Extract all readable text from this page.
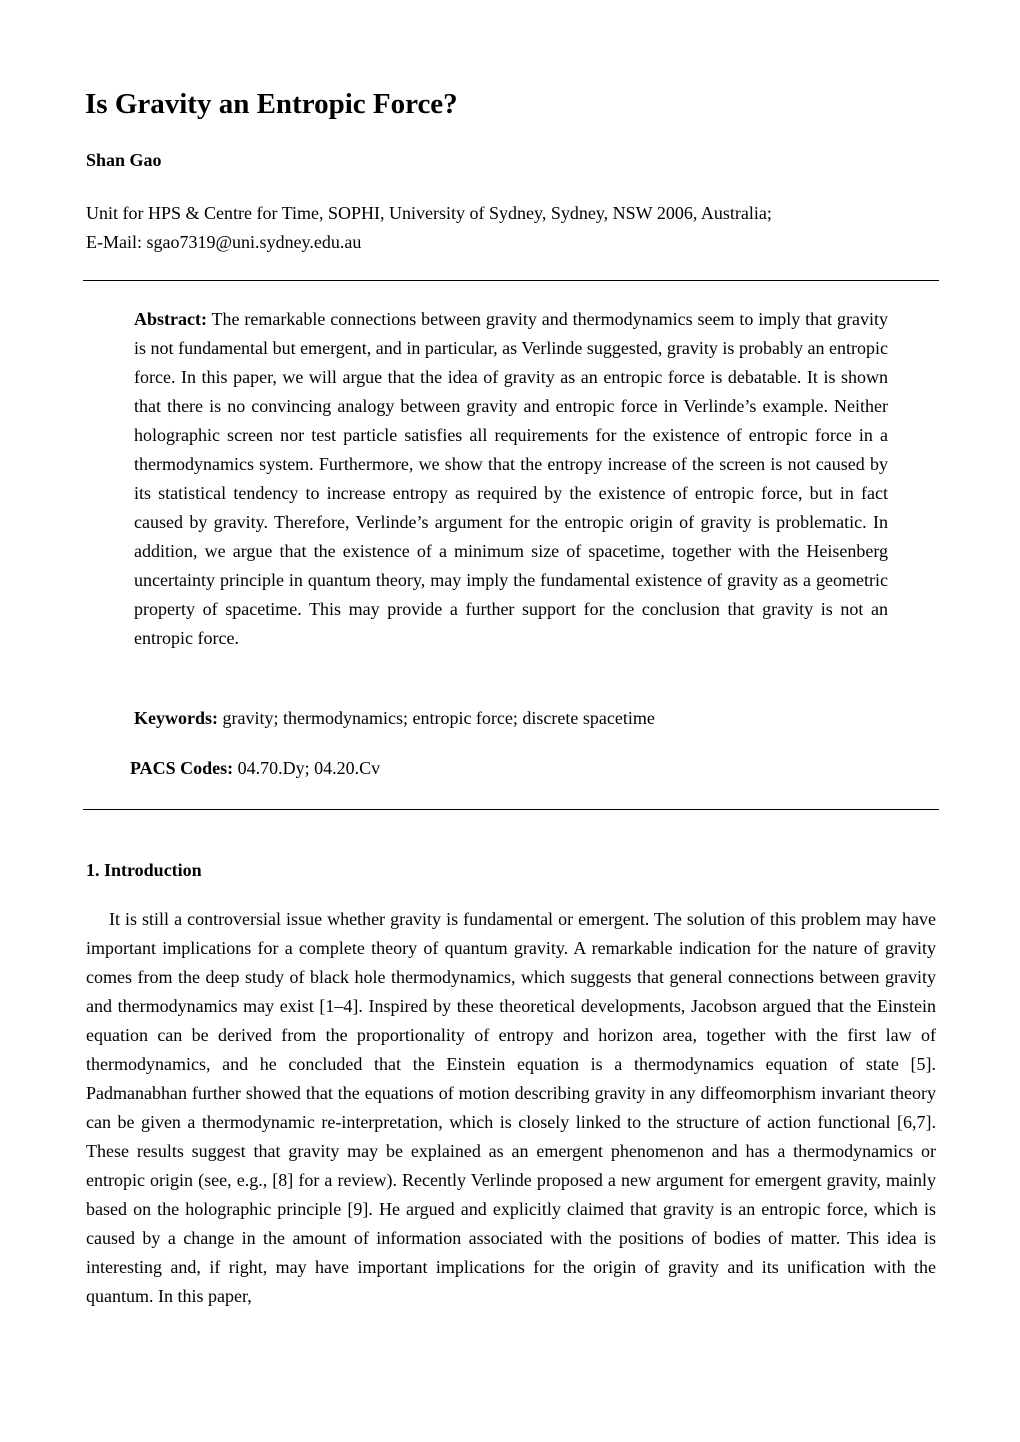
Is Gravity an Entropic Force?
Shan Gao
Unit for HPS & Centre for Time, SOPHI, University of Sydney, Sydney, NSW 2006, Australia;
E-Mail: sgao7319@uni.sydney.edu.au

Abstract: The remarkable connections between gravity and thermodynamics seem to imply that gravity is not fundamental but emergent, and in particular, as Verlinde suggested, gravity is probably an entropic force. In this paper, we will argue that the idea of gravity as an entropic force is debatable. It is shown that there is no convincing analogy between gravity and entropic force in Verlinde’s example. Neither holographic screen nor test particle satisfies all requirements for the existence of entropic force in a thermodynamics system. Furthermore, we show that the entropy increase of the screen is not caused by its statistical tendency to increase entropy as required by the existence of entropic force, but in fact caused by gravity. Therefore, Verlinde’s argument for the entropic origin of gravity is problematic. In addition, we argue that the existence of a minimum size of spacetime, together with the Heisenberg uncertainty principle in quantum theory, may imply the fundamental existence of gravity as a geometric property of spacetime. This may provide a further support for the conclusion that gravity is not an entropic force.

Keywords: gravity; thermodynamics; entropic force; discrete spacetime
PACS Codes: 04.70.Dy; 04.20.Cv
1. Introduction

It is still a controversial issue whether gravity is fundamental or emergent. The solution of this problem may have important implications for a complete theory of quantum gravity. A remarkable indication for the nature of gravity comes from the deep study of black hole thermodynamics, which suggests that general connections between gravity and thermodynamics may exist [1–4]. Inspired by these theoretical developments, Jacobson argued that the Einstein equation can be derived from the proportionality of entropy and horizon area, together with the first law of thermodynamics, and he concluded that the Einstein equation is a thermodynamics equation of state [5]. Padmanabhan further showed that the equations of motion describing gravity in any diffeomorphism invariant theory can be given a thermodynamic re-interpretation, which is closely linked to the structure of action functional [6,7]. These results suggest that gravity may be explained as an emergent phenomenon and has a thermodynamics or entropic origin (see, e.g., [8] for a review). Recently Verlinde proposed a new argument for emergent gravity, mainly based on the holographic principle [9]. He argued and explicitly claimed that gravity is an entropic force, which is caused by a change in the amount of information associated with the positions of bodies of matter. This idea is interesting and, if right, may have important implications for the origin of gravity and its unification with the quantum. In this paper,
